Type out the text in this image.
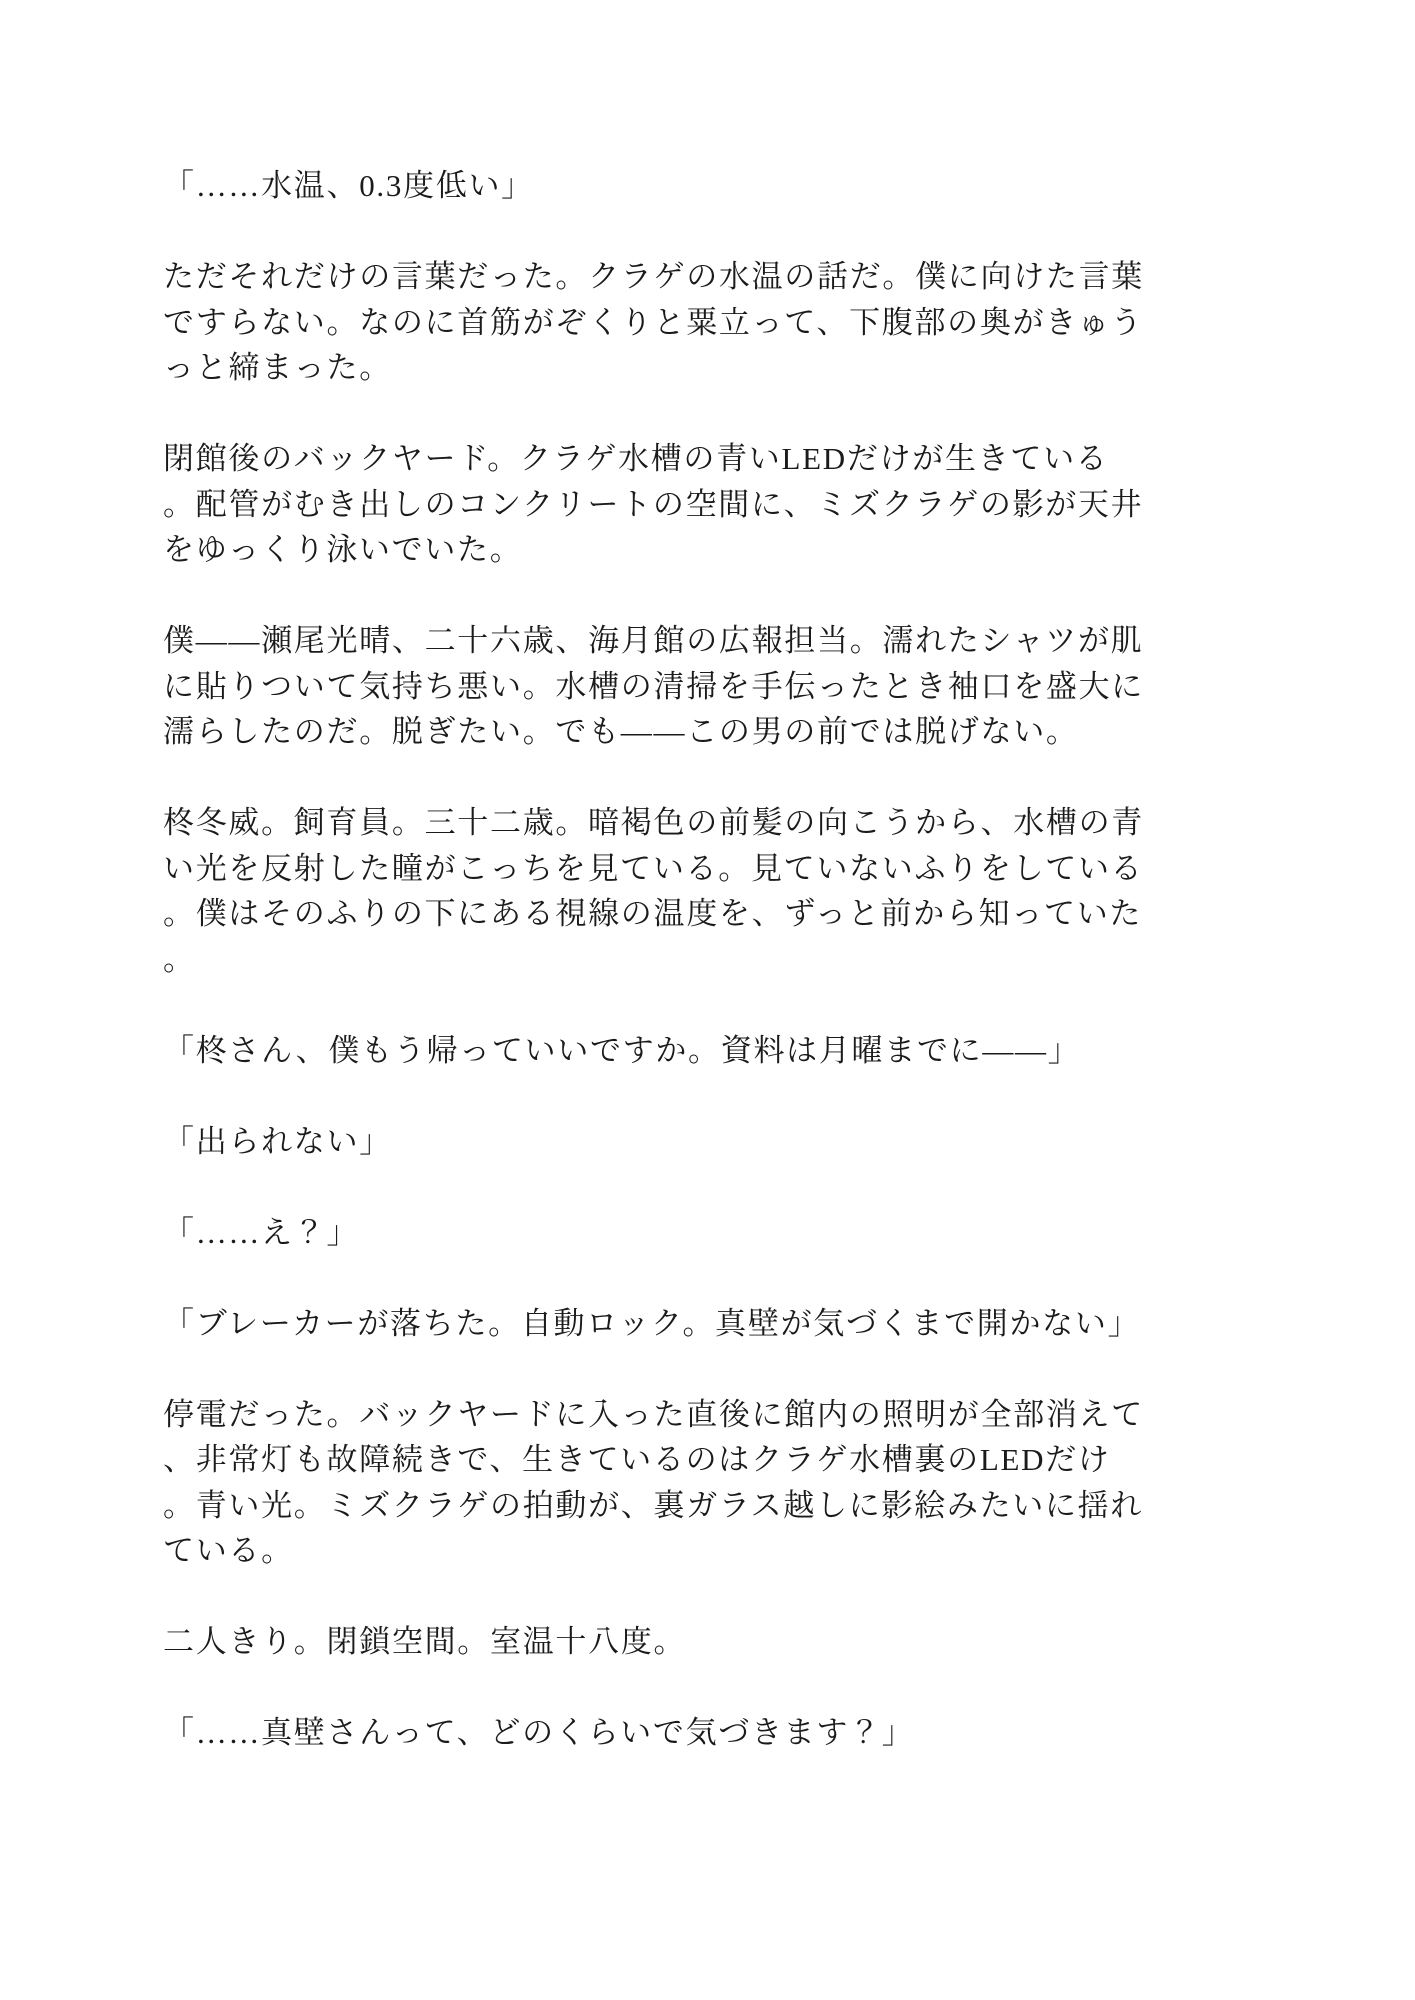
「……水温、0.3度低い」
ただそれだけの言葉だった。クラゲの水温の話だ。僕に向けた言葉
ですらない。なのに首筋がぞくりと粟立って、下腹部の奥がきゅう
っと締まった。
閉館後のバックヤード。クラゲ水槽の青いLEDだけが生きている
。配管がむき出しのコンクリートの空間に、ミズクラゲの影が天井
をゆっくり泳いでいた。
僕——瀬尾光晴、二十六歳、海月館の広報担当。濡れたシャツが肌
に貼りついて気持ち悪い。水槽の清掃を手伝ったとき袖口を盛大に
濡らしたのだ。脱ぎたい。でも——この男の前では脱げない。
柊冬威。飼育員。三十二歳。暗褐色の前髪の向こうから、水槽の青
い光を反射した瞳がこっちを見ている。見ていないふりをしている
。僕はそのふりの下にある視線の温度を、ずっと前から知っていた
。
「柊さん、僕もう帰っていいですか。資料は月曜までに——」
「出られない」
「……え？」
「ブレーカーが落ちた。自動ロック。真壁が気づくまで開かない」
停電だった。バックヤードに入った直後に館内の照明が全部消えて
、非常灯も故障続きで、生きているのはクラゲ水槽裏のLEDだけ
。青い光。ミズクラゲの拍動が、裏ガラス越しに影絵みたいに揺れ
ている。
二人きり。閉鎖空間。室温十八度。
「……真壁さんって、どのくらいで気づきます？」
